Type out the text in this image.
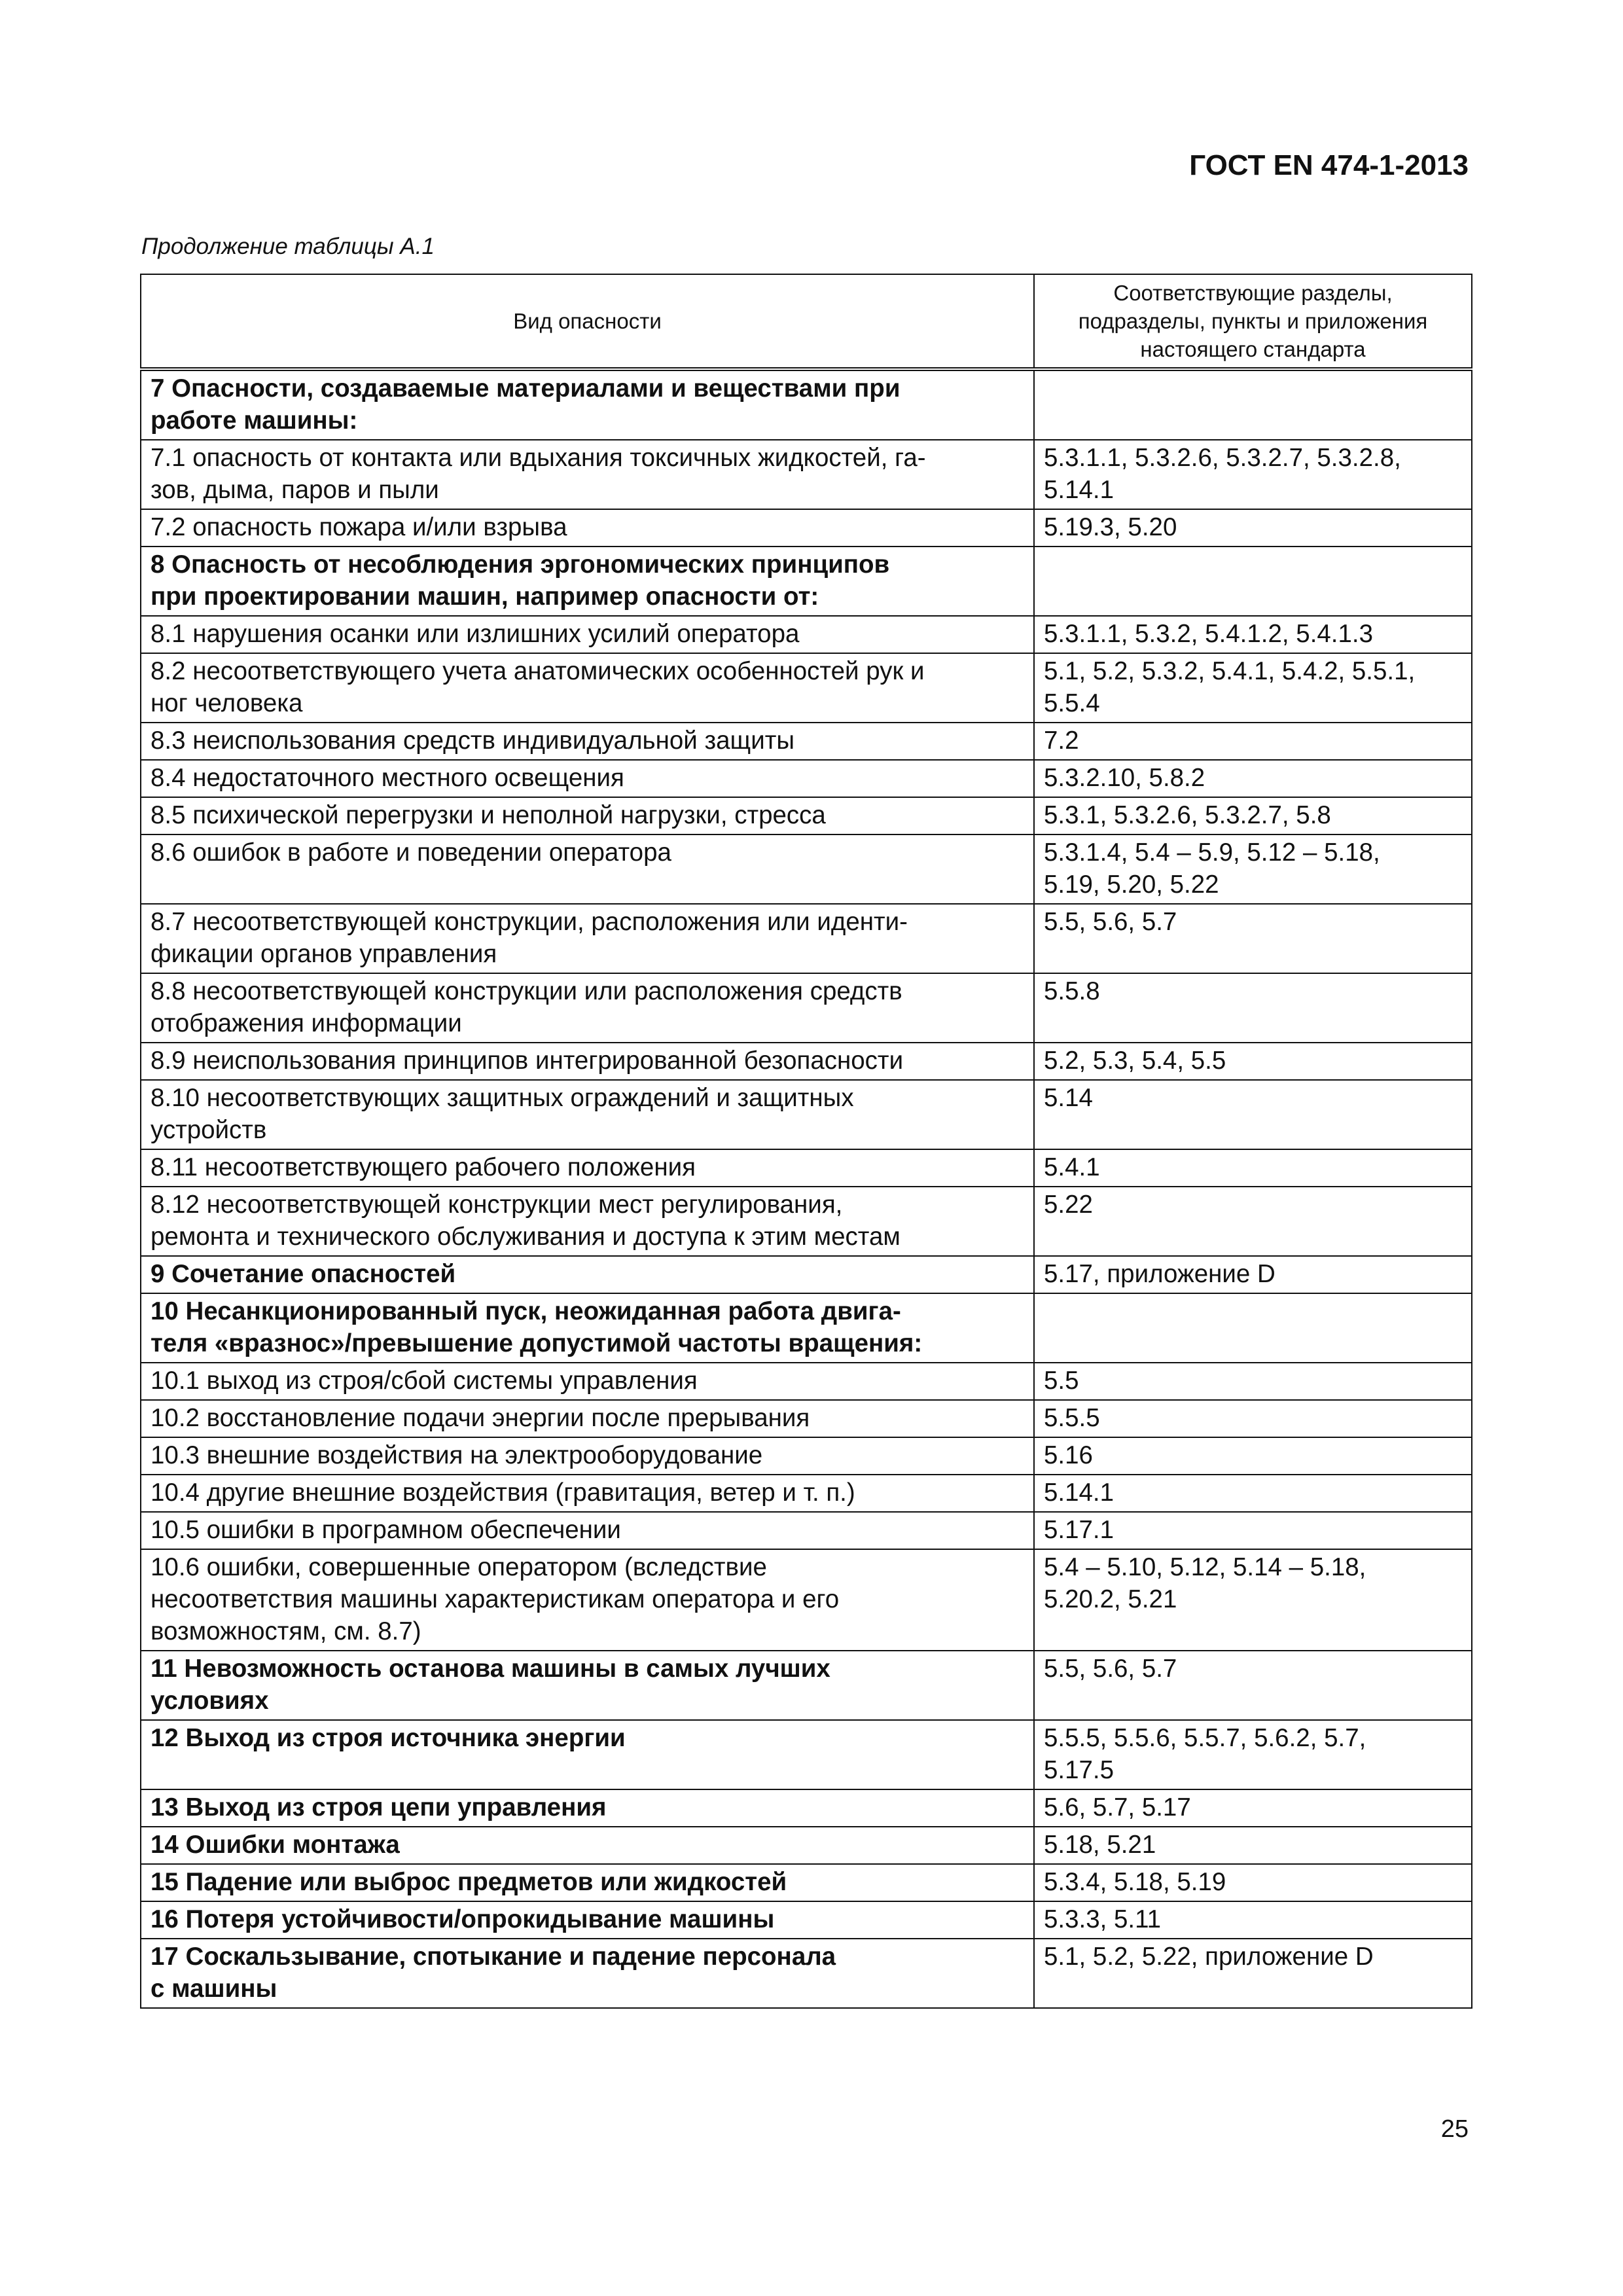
ГОСТ EN 474-1-2013
Продолжение таблицы А.1
Вид опасности	Соответствующие разделы,
подразделы, пункты и приложения
настоящего стандарта
7 Опасности, создаваемые материалами и веществами при
работе машины:	
7.1 опасность от контакта или вдыхания токсичных жидкостей, га-
зов, дыма, паров и пыли	5.3.1.1, 5.3.2.6, 5.3.2.7, 5.3.2.8,
5.14.1
7.2 опасность пожара и/или взрыва	5.19.3, 5.20
8 Опасность от несоблюдения эргономических принципов
при проектировании машин, например опасности от:	
8.1 нарушения осанки или излишних усилий оператора	5.3.1.1, 5.3.2, 5.4.1.2, 5.4.1.3
8.2 несоответствующего учета анатомических особенностей рук и
ног человека	5.1, 5.2, 5.3.2, 5.4.1, 5.4.2, 5.5.1,
5.5.4
8.3 неиспользования средств индивидуальной защиты	7.2
8.4 недостаточного местного освещения	5.3.2.10, 5.8.2
8.5 психической перегрузки и неполной нагрузки, стресса	5.3.1, 5.3.2.6, 5.3.2.7, 5.8
8.6 ошибок в работе и поведении оператора	5.3.1.4, 5.4 – 5.9, 5.12 – 5.18,
5.19, 5.20, 5.22
8.7 несоответствующей конструкции, расположения или иденти-
фикации органов управления	5.5, 5.6, 5.7
8.8 несоответствующей конструкции или расположения средств
отображения информации	5.5.8
8.9 неиспользования принципов интегрированной безопасности	5.2, 5.3, 5.4, 5.5
8.10 несоответствующих защитных ограждений и защитных
устройств	5.14
8.11 несоответствующего рабочего положения	5.4.1
8.12 несоответствующей конструкции мест регулирования,
ремонта и технического обслуживания и доступа к этим местам	5.22
9 Сочетание опасностей	5.17, приложение D
10 Несанкционированный пуск, неожиданная работа двига-
теля «вразнос»/превышение допустимой частоты вращения:	
10.1 выход из строя/сбой системы управления	5.5
10.2 восстановление подачи энергии после прерывания	5.5.5
10.3 внешние воздействия на электрооборудование	5.16
10.4 другие внешние воздействия (гравитация, ветер и т. п.)	5.14.1
10.5 ошибки в програмном обеспечении	5.17.1
10.6 ошибки, совершенные оператором (вследствие
несоответствия машины характеристикам оператора и его
возможностям, см. 8.7)	5.4 – 5.10, 5.12, 5.14 – 5.18,
5.20.2, 5.21
11 Невозможность останова машины в самых лучших
условиях	5.5, 5.6, 5.7
12 Выход из строя источника энергии	5.5.5, 5.5.6, 5.5.7, 5.6.2, 5.7,
5.17.5
13 Выход из строя цепи управления	5.6, 5.7, 5.17
14 Ошибки монтажа	5.18, 5.21
15 Падение или выброс предметов или жидкостей	5.3.4, 5.18, 5.19
16 Потеря устойчивости/опрокидывание машины	5.3.3, 5.11
17 Соскальзывание, спотыкание и падение персонала
с машины	5.1, 5.2, 5.22, приложение D
25
